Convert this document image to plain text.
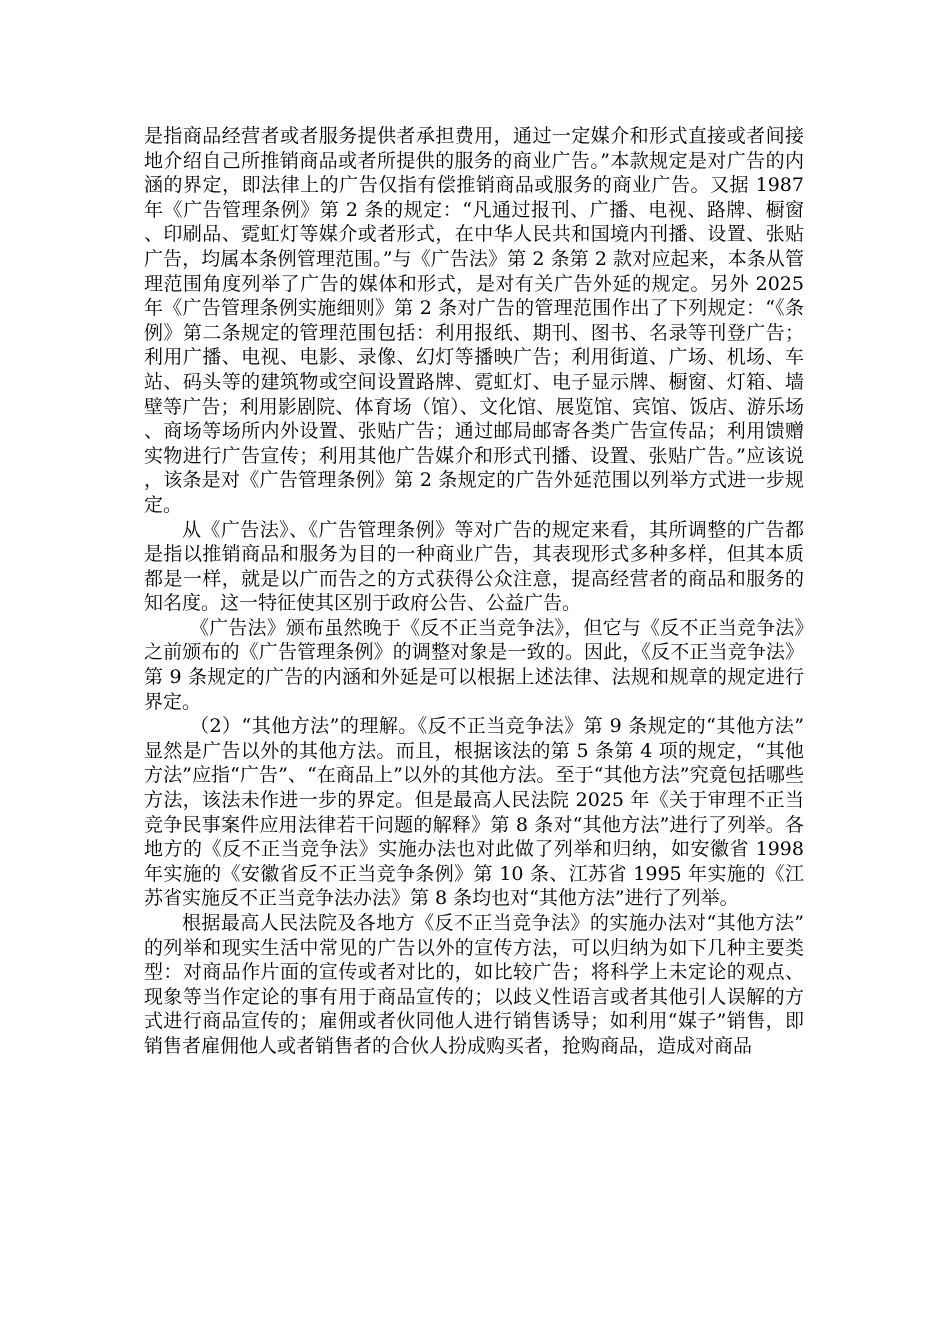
是指商品经营者或者服务提供者承担费用，通过一定媒介和形式直接或者间接地介绍自己所推销商品或者所提供的服务的商业广告。”本款规定是对广告的内涵的界定，即法律上的广告仅指有偿推销商品或服务的商业广告。又据 1987 年《广告管理条例》第 2 条的规定：“凡通过报刊、广播、电视、路牌、橱窗、印刷品、霓虹灯等媒介或者形式，在中华人民共和国境内刊播、设置、张贴广告，均属本条例管理范围。”与《广告法》第 2 条第 2 款对应起来，本条从管理范围角度列举了广告的媒体和形式，是对有关广告外延的规定。另外 2025 年《广告管理条例实施细则》第 2 条对广告的管理范围作出了下列规定：“《条例》第二条规定的管理范围包括：利用报纸、期刊、图书、名录等刊登广告；利用广播、电视、电影、录像、幻灯等播映广告；利用街道、广场、机场、车站、码头等的建筑物或空间设置路牌、霓虹灯、电子显示牌、橱窗、灯箱、墙壁等广告；利用影剧院、体育场（馆）、文化馆、展览馆、宾馆、饭店、游乐场、商场等场所内外设置、张贴广告；通过邮局邮寄各类广告宣传品；利用馈赠实物进行广告宣传；利用其他广告媒介和形式刊播、设置、张贴广告。”应该说，该条是对《广告管理条例》第 2 条规定的广告外延范围以列举方式进一步规定。

从《广告法》、《广告管理条例》等对广告的规定来看，其所调整的广告都是指以推销商品和服务为目的一种商业广告，其表现形式多种多样，但其本质都是一样，就是以广而告之的方式获得公众注意，提高经营者的商品和服务的知名度。这一特征使其区别于政府公告、公益广告。

《广告法》颁布虽然晚于《反不正当竞争法》，但它与《反不正当竞争法》之前颁布的《广告管理条例》的调整对象是一致的。因此，《反不正当竞争法》第 9 条规定的广告的内涵和外延是可以根据上述法律、法规和规章的规定进行界定。

（2）“其他方法”的理解。《反不正当竞争法》第 9 条规定的“其他方法”显然是广告以外的其他方法。而且，根据该法的第 5 条第 4 项的规定，“其他方法”应指“广告”、“在商品上”以外的其他方法。至于“其他方法”究竟包括哪些方法，该法未作进一步的界定。但是最高人民法院 2025 年《关于审理不正当竞争民事案件应用法律若干问题的解释》第 8 条对“其他方法”进行了列举。各地方的《反不正当竞争法》实施办法也对此做了列举和归纳，如安徽省 1998 年实施的《安徽省反不正当竞争条例》第 10 条、江苏省 1995 年实施的《江苏省实施反不正当竞争法办法》第 8 条均也对“其他方法”进行了列举。

根据最高人民法院及各地方《反不正当竞争法》的实施办法对“其他方法”的列举和现实生活中常见的广告以外的宣传方法，可以归纳为如下几种主要类型：对商品作片面的宣传或者对比的，如比较广告；将科学上未定论的观点、现象等当作定论的事有用于商品宣传的；以歧义性语言或者其他引人误解的方式进行商品宣传的；雇佣或者伙同他人进行销售诱导；如利用“媒子”销售，即销售者雇佣他人或者销售者的合伙人扮成购买者，抢购商品，造成对商品
